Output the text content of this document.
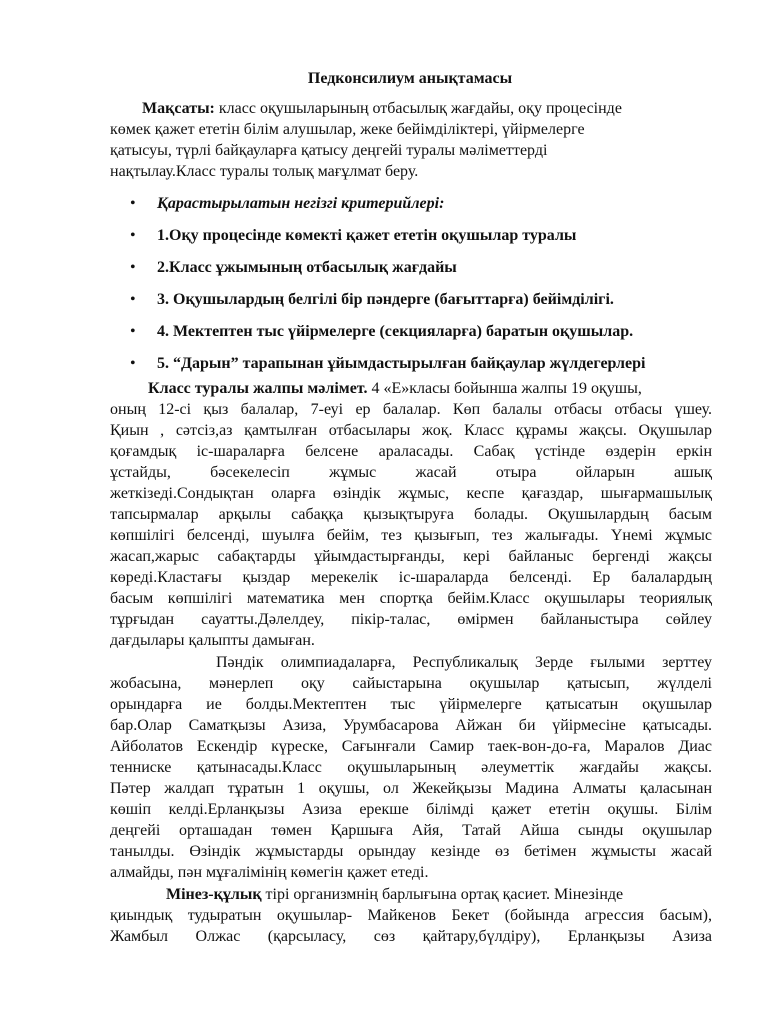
Педконсилиум анықтамасы
Мақсаты: класс оқушыларының отбасылық жағдайы, оқу процесінде
көмек қажет ететін білім алушылар, жеке бейімділіктері, үйірмелерге
қатысуы, түрлі байқауларға қатысу деңгейі туралы мәліметтерді
нақтылау.Класс туралы толық мағұлмат беру.
•	Қарастырылатын негізгі критерийлері:
•	1.Оқу процесінде көмекті қажет ететін оқушылар туралы
•	2.Класс ұжымының отбасылық жағдайы
•	3. Оқушылардың белгілі бір пәндерге (бағыттарға) бейімділігі.
•	4. Мектептен тыс үйірмелерге (секцияларға) баратын оқушылар.
•	5. “Дарын” тарапынан ұйымдастырылған байқаулар жүлдегерлері
Класс туралы жалпы мәлімет. 4 «Е»класы бойынша жалпы 19 оқушы,
оның 12-сі қыз балалар, 7-еуі ер балалар. Көп балалы отбасы отбасы үшеу.
Қиын , сәтсіз,аз қамтылған отбасылары жоқ. Класс құрамы жақсы. Оқушылар
қоғамдық іс-шараларға белсене араласады. Сабақ үстінде өздерін еркін
ұстайды, бәсекелесіп жұмыс жасай отыра ойларын ашық
жеткізеді.Сондықтан оларға өзіндік жұмыс, кеспе қағаздар, шығармашылық
тапсырмалар арқылы сабаққа қызықтыруға болады. Оқушылардың басым
көпшілігі белсенді, шуылға бейім, тез қызығып, тез жалығады. Үнемі жұмыс
жасап,жарыс сабақтарды ұйымдастырғанды, кері байланыс бергенді жақсы
көреді.Кластағы қыздар мерекелік іс-шараларда белсенді. Ер балалардың
басым көпшілігі математика мен спортқа бейім.Класс оқушылары теориялық
тұрғыдан сауатты.Дәлелдеу, пікір-талас, өмірмен байланыстыра сөйлеу
дағдылары қалыпты дамыған.
Пәндік олимпиадаларға, Республикалық Зерде ғылыми зерттеу
жобасына, мәнерлеп оқу сайыстарына оқушылар қатысып, жүлделі
орындарға ие болды.Мектептен тыс үйірмелерге қатысатын оқушылар
бар.Олар Саматқызы Азиза, Урумбасарова Айжан би үйірмесіне қатысады.
Айболатов Ескендір күреске, Сағынғали Самир таек-вон-до-ға, Маралов Диас
тенниске қатынасады.Класс оқушыларының әлеуметтік жағдайы жақсы.
Пәтер жалдап тұратын 1 оқушы, ол Жекейқызы Мадина Алматы қаласынан
көшіп келді.Ерланқызы Азиза ерекше білімді қажет ететін оқушы. Білім
деңгейі орташадан төмен Қаршыға Айя, Татай Айша сынды оқушылар
танылды. Өзіндік жұмыстарды орындау кезінде өз бетімен жұмысты жасай
алмайды, пән мұғалімінің көмегін қажет етеді.
Мінез-құлық тірі организмнің барлығына ортақ қасиет. Мінезінде
қиындық тудыратын оқушылар- Майкенов Бекет (бойында агрессия басым),
Жамбыл Олжас (қарсыласу, сөз қайтару,бүлдіру), Ерланқызы Азиза
